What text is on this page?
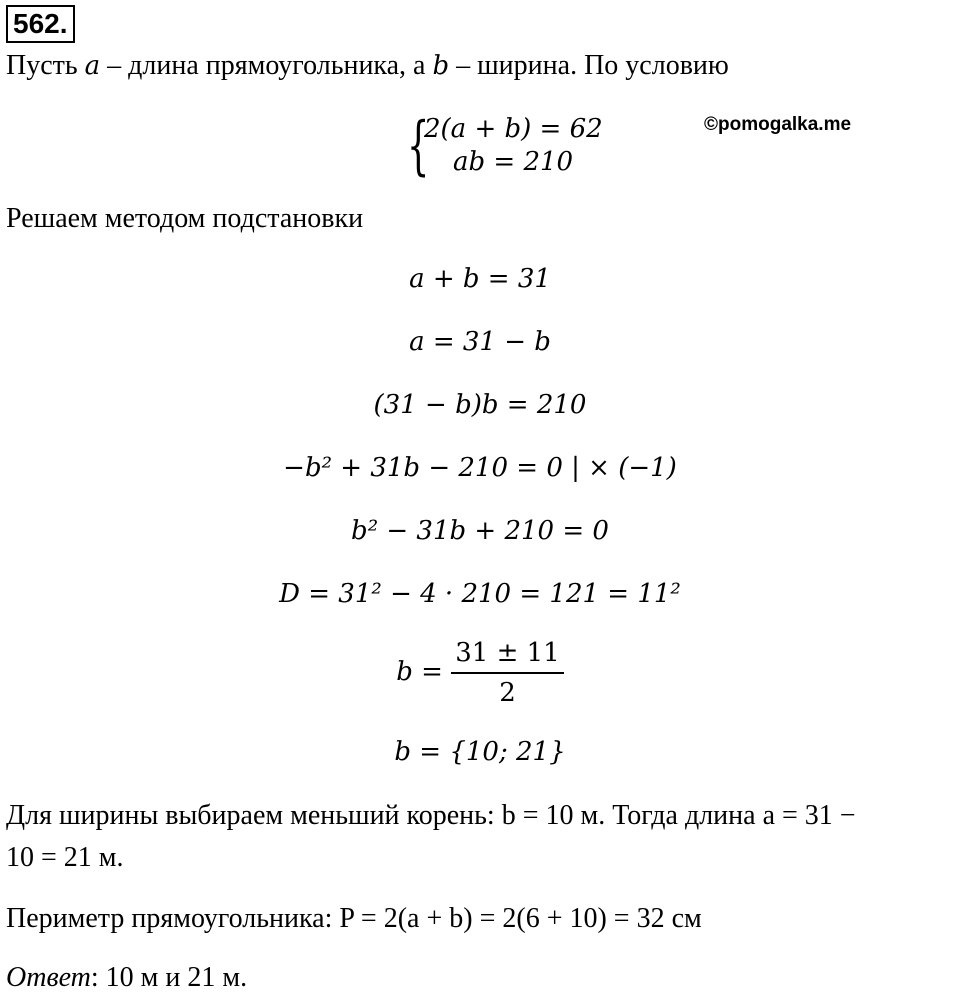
562.
Пусть a – длина прямоугольника, а b – ширина. По условию
{
2(a + b) = 62
ab = 210
©pomogalka.me
Решаем методом подстановки
a + b = 31
a = 31 − b
(31 − b)b = 210
−b² + 31b − 210 = 0 | × (−1)
b² − 31b + 210 = 0
D = 31² − 4 · 210 = 121 = 11²
$b = \frac{31 \pm 11}{2}$
b = {10; 21}
Для ширины выбираем меньший корень: b = 10 м. Тогда длина a = 31 −
10 = 21 м.
Периметр прямоугольника: P = 2(a + b) = 2(6 + 10) = 32 см
Ответ: 10 м и 21 м.
